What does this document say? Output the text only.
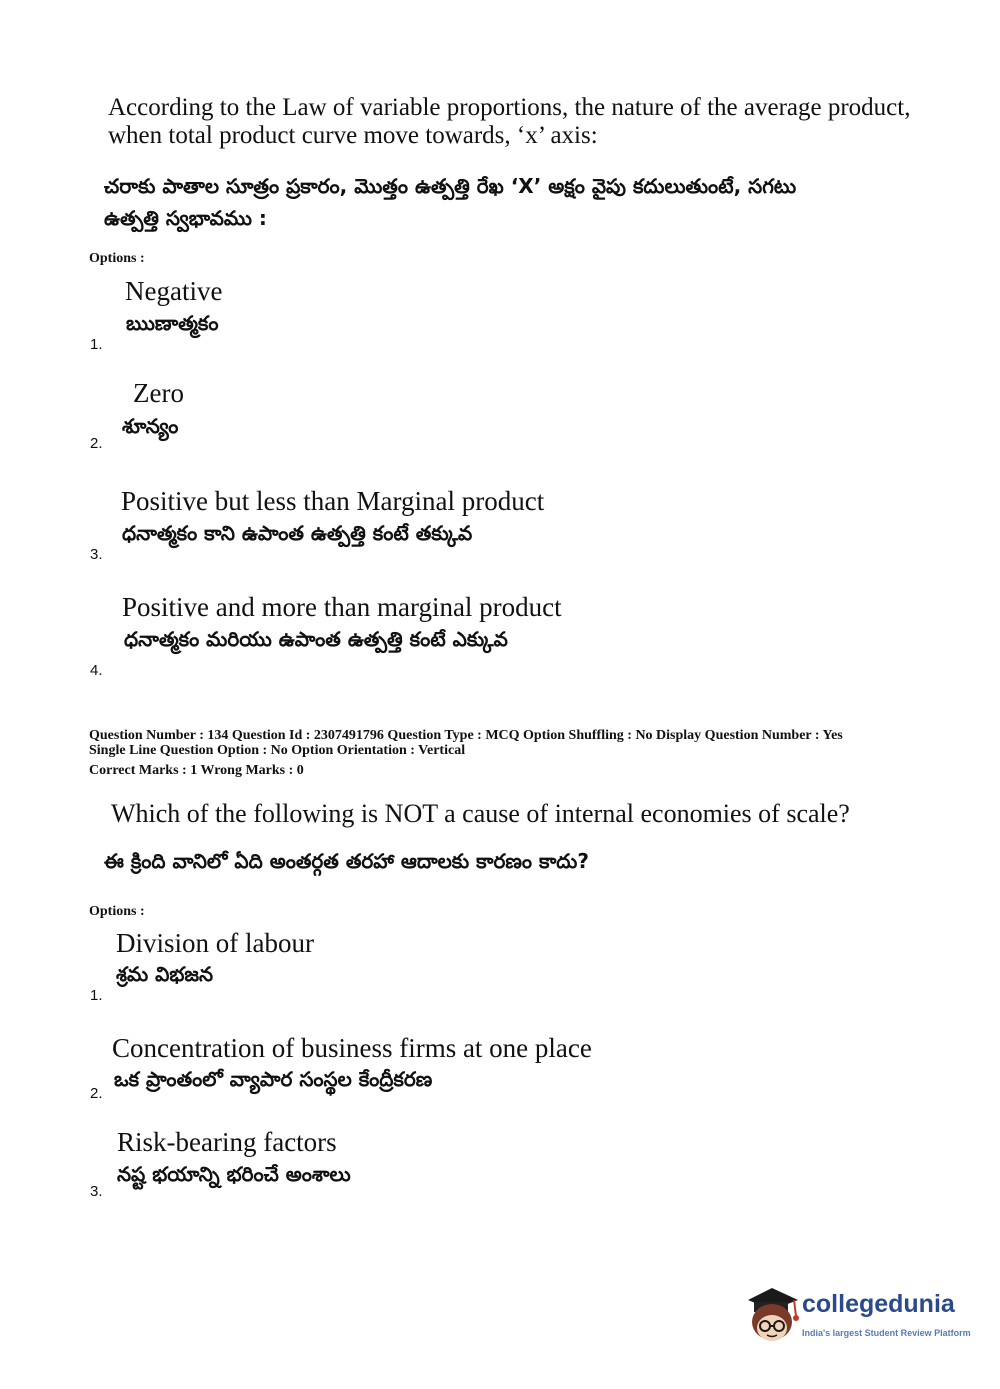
According to the Law of variable proportions, the nature of the average product,
when total product curve move towards, ‘x’ axis:
చరాకు పాతాల సూత్రం ప్రకారం, మొత్తం ఉత్పత్తి రేఖ ‘X’ అక్షం వైపు కదులుతుంటే, సగటు
ఉత్పత్తి స్వభావము :
Options :
Negative
ఋణాత్మకం
1.
Zero
శూన్యం
2.
Positive but less than Marginal product
ధనాత్మకం కాని ఉపాంత ఉత్పత్తి కంటే తక్కువ
3.
Positive and more than marginal product
ధనాత్మకం మరియు ఉపాంత ఉత్పత్తి కంటే ఎక్కువ
4.
Question Number : 134 Question Id : 2307491796 Question Type : MCQ Option Shuffling : No Display Question Number : Yes
Single Line Question Option : No Option Orientation : Vertical
Correct Marks : 1 Wrong Marks : 0
Which of the following is NOT a cause of internal economies of scale?
ఈ క్రింది వానిలో ఏది అంతర్గత తరహా ఆదాలకు కారణం కాదు?
Options :
Division of labour
శ్రమ విభజన
1.
Concentration of business firms at one place
ఒక ప్రాంతంలో వ్యాపార సంస్థల కేంద్రీకరణ
2.
Risk-bearing factors
నష్ట భయాన్ని భరించే అంశాలు
3.
collegedunia
India's largest Student Review Platform
